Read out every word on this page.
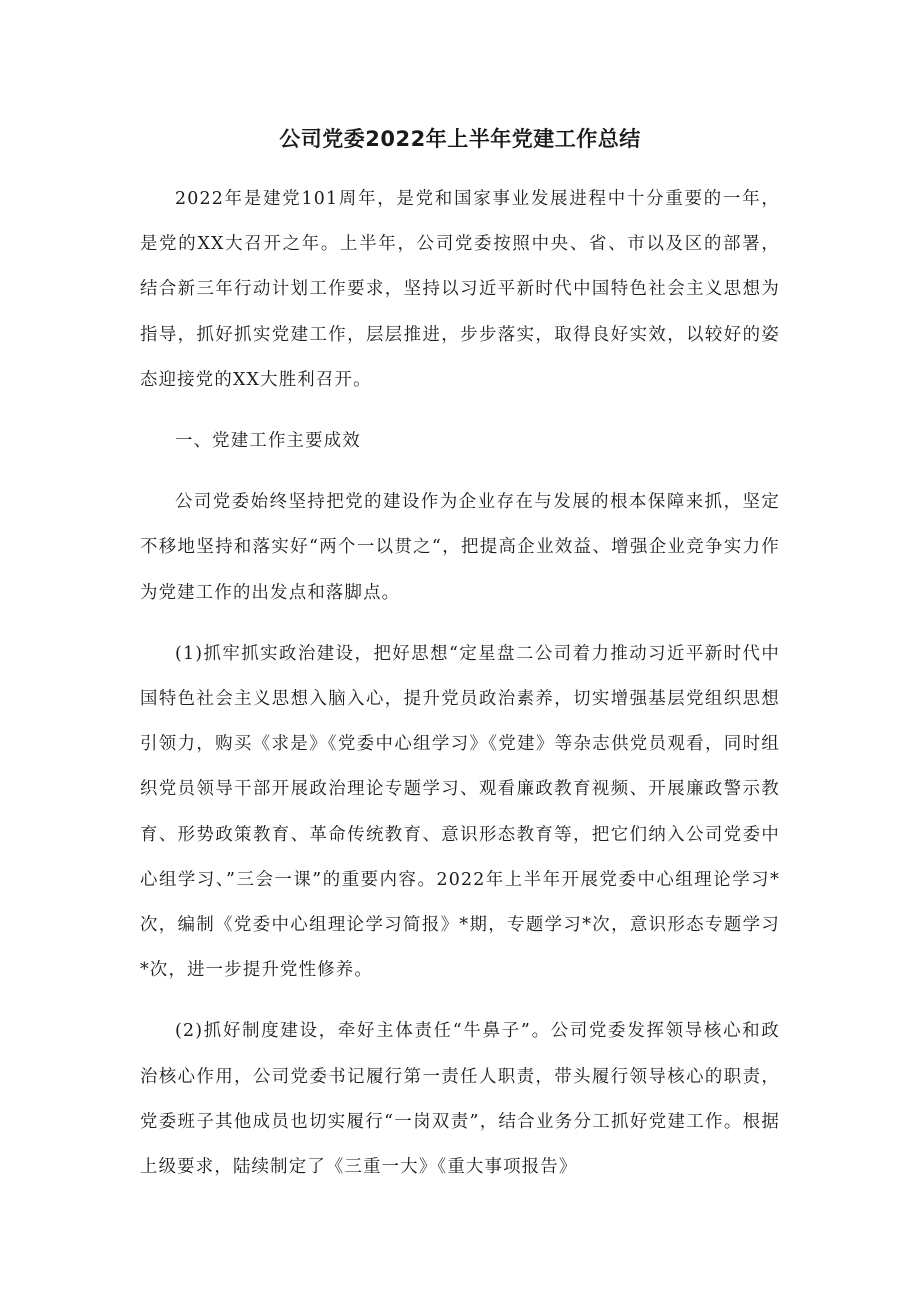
公司党委2022年上半年党建工作总结

2022年是建党101周年，是党和国家事业发展进程中十分重要的一年，是党的XX大召开之年。上半年，公司党委按照中央、省、市以及区的部署，结合新三年行动计划工作要求，坚持以习近平新时代中国特色社会主义思想为指导，抓好抓实党建工作，层层推进，步步落实，取得良好实效，以较好的姿态迎接党的XX大胜利召开。

一、党建工作主要成效

公司党委始终坚持把党的建设作为企业存在与发展的根本保障来抓，坚定不移地坚持和落实好“两个一以贯之“，把提高企业效益、增强企业竞争实力作为党建工作的出发点和落脚点。

(1)抓牢抓实政治建设，把好思想“定星盘二公司着力推动习近平新时代中国特色社会主义思想入脑入心，提升党员政治素养，切实增强基层党组织思想引领力，购买《求是》《党委中心组学习》《党建》等杂志供党员观看，同时组织党员领导干部开展政治理论专题学习、观看廉政教育视频、开展廉政警示教育、形势政策教育、革命传统教育、意识形态教育等，把它们纳入公司党委中心组学习、”三会一课”的重要内容。2022年上半年开展党委中心组理论学习*次，编制《党委中心组理论学习简报》*期，专题学习*次，意识形态专题学习*次，进一步提升党性修养。

(2)抓好制度建设，牵好主体责任“牛鼻子”。公司党委发挥领导核心和政治核心作用，公司党委书记履行第一责任人职责，带头履行领导核心的职责，党委班子其他成员也切实履行“一岗双责”，结合业务分工抓好党建工作。根据上级要求，陆续制定了《三重一大》《重大事项报告》
